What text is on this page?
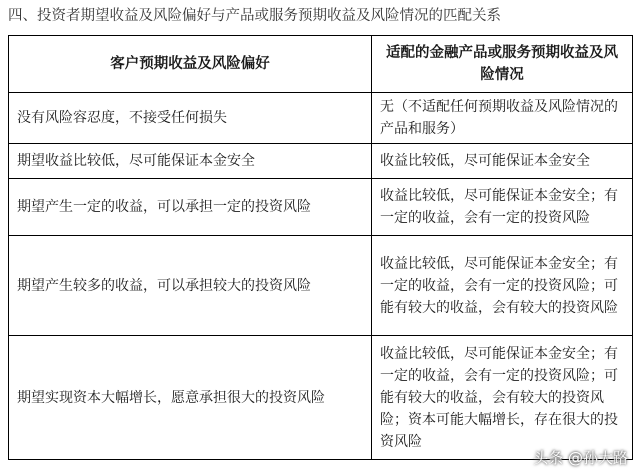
四、投资者期望收益及风险偏好与产品或服务预期收益及风险情况的匹配关系
客户预期收益及风险偏好	适配的金融产品或服务预期收益及风险情况
没有风险容忍度，不接受任何损失	无（不适配任何预期收益及风险情况的产品和服务）
期望收益比较低，尽可能保证本金安全	收益比较低，尽可能保证本金安全
期望产生一定的收益，可以承担一定的投资风险	收益比较低，尽可能保证本金安全；有一定的收益，会有一定的投资风险
期望产生较多的收益，可以承担较大的投资风险	收益比较低，尽可能保证本金安全；有一定的收益，会有一定的投资风险；可能有较大的收益，会有较大的投资风险
期望实现资本大幅增长，愿意承担很大的投资风险	收益比较低，尽可能保证本金安全；有一定的收益，会有一定的投资风险；可能有较大的收益，会有较大的投资风险；资本可能大幅增长，存在很大的投资风险
头条 @孙大路
